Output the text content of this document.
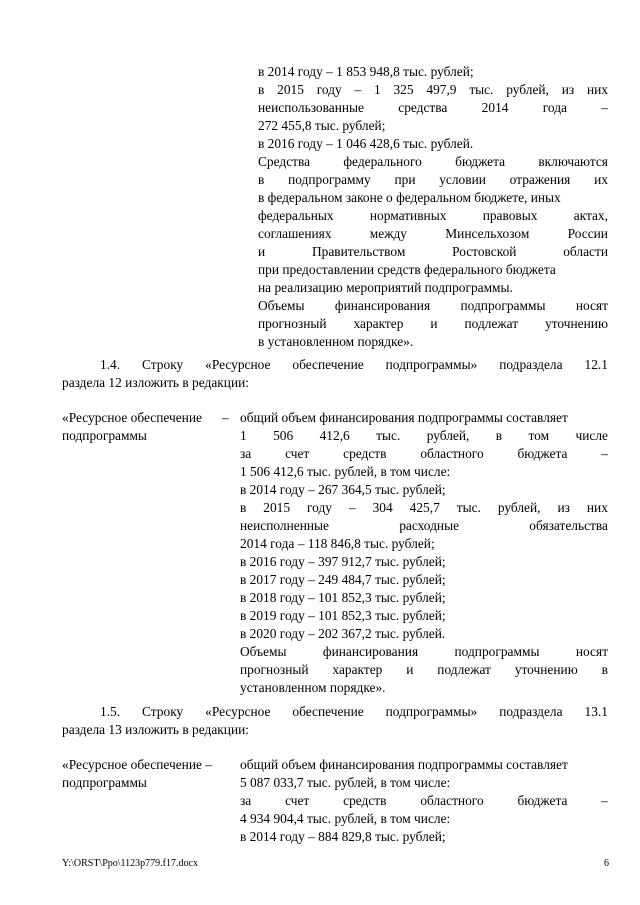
в 2014 году – 1 853 948,8 тыс. рублей;
в 2015 году – 1 325 497,9 тыс. рублей, из них
неиспользованные	средства	2014	года	–
272 455,8 тыс. рублей;
в 2016 году – 1 046 428,6 тыс. рублей.
Средства федерального бюджета включаются
в подпрограмму при условии отражения их
в федеральном законе о федеральном бюджете, иных
федеральных	нормативных	правовых	актах,
соглашениях	между	Минсельхозом	России
и	Правительством	Ростовской	области
при предоставлении средств федерального бюджета
на реализацию мероприятий подпрограммы.
Объемы финансирования подпрограммы носят
прогнозный характер и подлежат уточнению
в установленном порядке».
1.4. Строку «Ресурсное обеспечение подпрограммы» подраздела 12.1
раздела 12 изложить в редакции:
«Ресурсное обеспечение –
подпрограммы
общий объем финансирования подпрограммы составляет
1 506 412,6 тыс. рублей, в том числе
за	счет	средств	областного	бюджета	–
1 506 412,6 тыс. рублей, в том числе:
в 2014 году – 267 364,5 тыс. рублей;
в 2015 году – 304 425,7 тыс. рублей, из них
неисполненные	расходные	обязательства
2014 года – 118 846,8 тыс. рублей;
в 2016 году – 397 912,7 тыс. рублей;
в 2017 году – 249 484,7 тыс. рублей;
в 2018 году – 101 852,3 тыс. рублей;
в 2019 году – 101 852,3 тыс. рублей;
в 2020 году – 202 367,2 тыс. рублей.
Объемы	финансирования	подпрограммы	носят
прогнозный характер и подлежат уточнению в
установленном порядке».
1.5. Строку «Ресурсное обеспечение подпрограммы» подраздела 13.1
раздела 13 изложить в редакции:
«Ресурсное обеспечение –
подпрограммы
общий объем финансирования подпрограммы составляет
5 087 033,7 тыс. рублей, в том числе:
за	счет	средств	областного	бюджета	–
4 934 904,4 тыс. рублей, в том числе:
в 2014 году – 884 829,8 тыс. рублей;
Y:\ORST\Ppo\1123p779.f17.docx	6
